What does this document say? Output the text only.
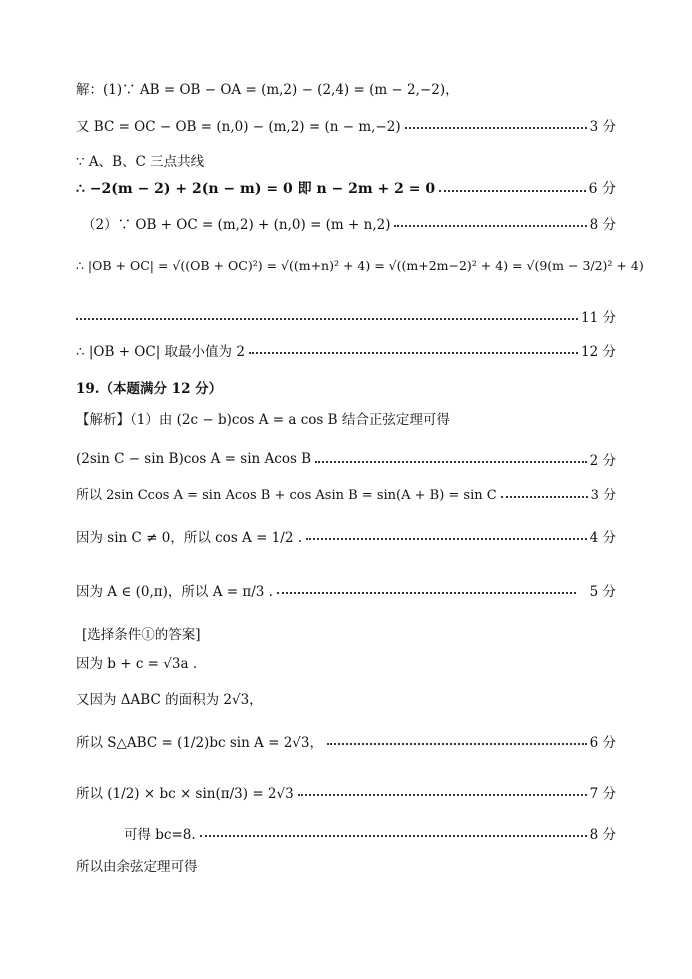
解：(1)∵ AB = OB − OA = (m,2) − (2,4) = (m − 2,−2)，
又 BC = OC − OB = (n,0) − (m,2) = (n − m,−2)	3 分
∵ A、B、C 三点共线
∴ −2(m − 2) + 2(n − m) = 0 即 n − 2m + 2 = 0	6 分
（2）∵ OB + OC = (m,2) + (n,0) = (m + n,2)	8 分
∴ |OB + OC| = √((OB + OC)²) = √((m+n)² + 4) = √((m+2m−2)² + 4) = √(9(m − 3/2)² + 4)
11 分
∴ |OB + OC| 取最小值为 2	12 分
19.（本题满分 12 分）
【解析】（1）由 (2c − b)cos A = a cos B 结合正弦定理可得
(2sin C − sin B)cos A = sin Acos B	2 分
所以 2sin Ccos A = sin Acos B + cos Asin B = sin(A + B) = sin C	3 分
因为 sin C ≠ 0，所以 cos A = 1/2 .	4 分
因为 A ∈ (0,π)，所以 A = π/3 .	5 分
[选择条件①的答案]
因为 b + c = √3a .
又因为 ΔABC 的面积为 2√3，
所以 S△ABC = (1/2)bc sin A = 2√3，	6 分
所以 (1/2) × bc × sin(π/3) = 2√3	7 分
可得 bc=8.	8 分
所以由余弦定理可得
